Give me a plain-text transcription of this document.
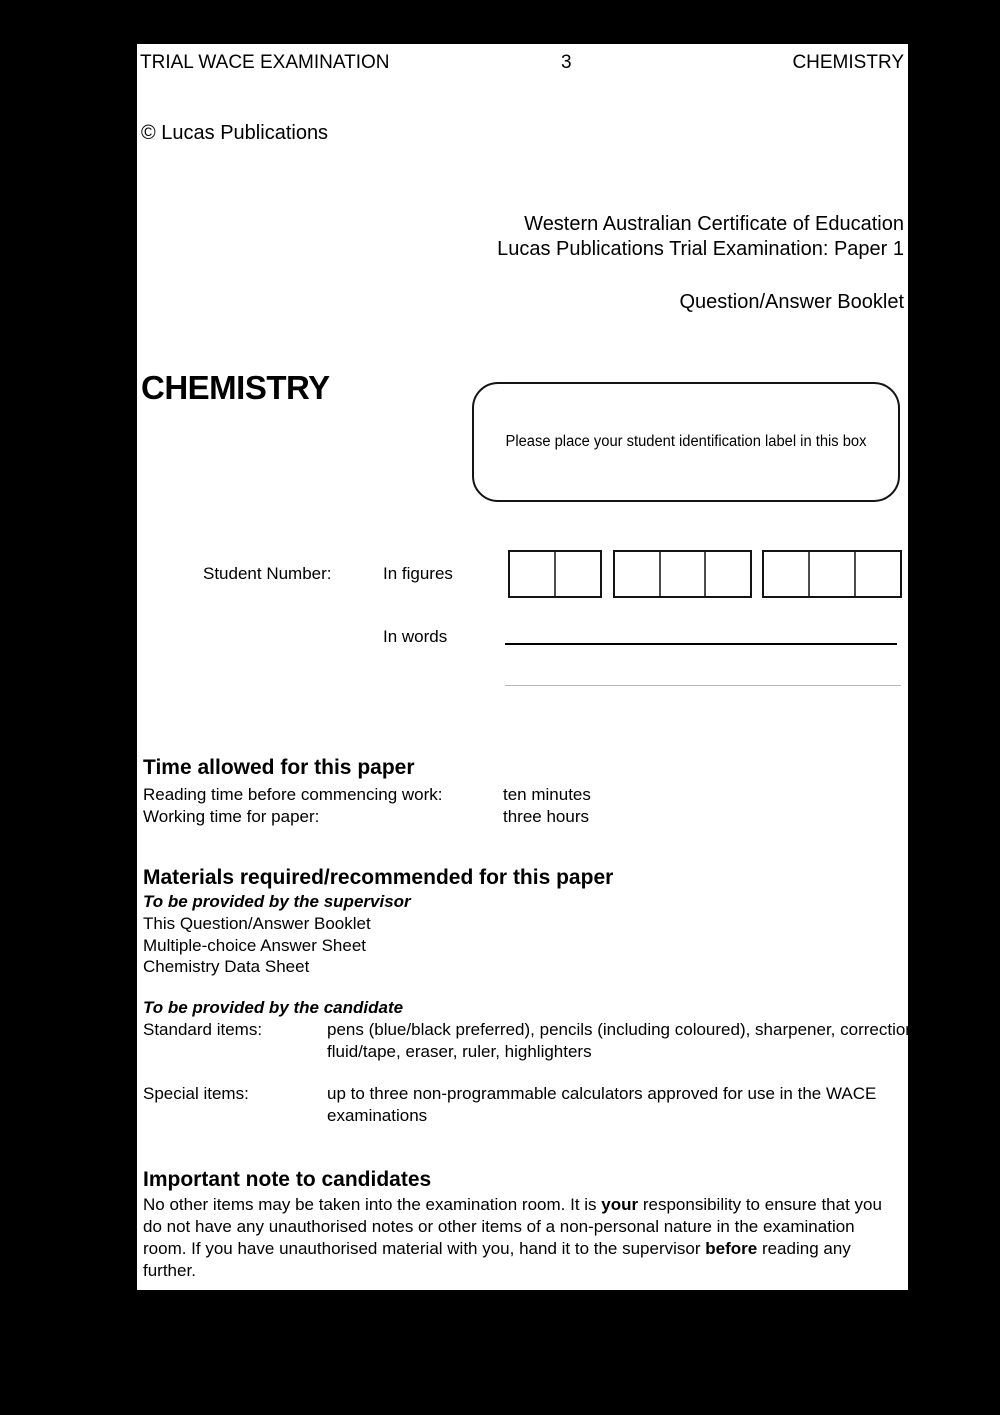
TRIAL WACE EXAMINATION	3	CHEMISTRY
© Lucas Publications
Western Australian Certificate of Education
Lucas Publications Trial Examination: Paper 1
Question/Answer Booklet
CHEMISTRY
Please place your student identification label in this box
Student Number:	In figures
In words
Time allowed for this paper
Reading time before commencing work:	ten minutes
Working time for paper:	three hours
Materials required/recommended for this paper
To be provided by the supervisor
This Question/Answer Booklet
Multiple-choice Answer Sheet
Chemistry Data Sheet
To be provided by the candidate
Standard items:	pens (blue/black preferred), pencils (including coloured), sharpener, correction fluid/tape, eraser, ruler, highlighters
Special items:	up to three non-programmable calculators approved for use in the WACE examinations
Important note to candidates
No other items may be taken into the examination room. It is your responsibility to ensure that you do not have any unauthorised notes or other items of a non-personal nature in the examination room. If you have unauthorised material with you, hand it to the supervisor before reading any further.
